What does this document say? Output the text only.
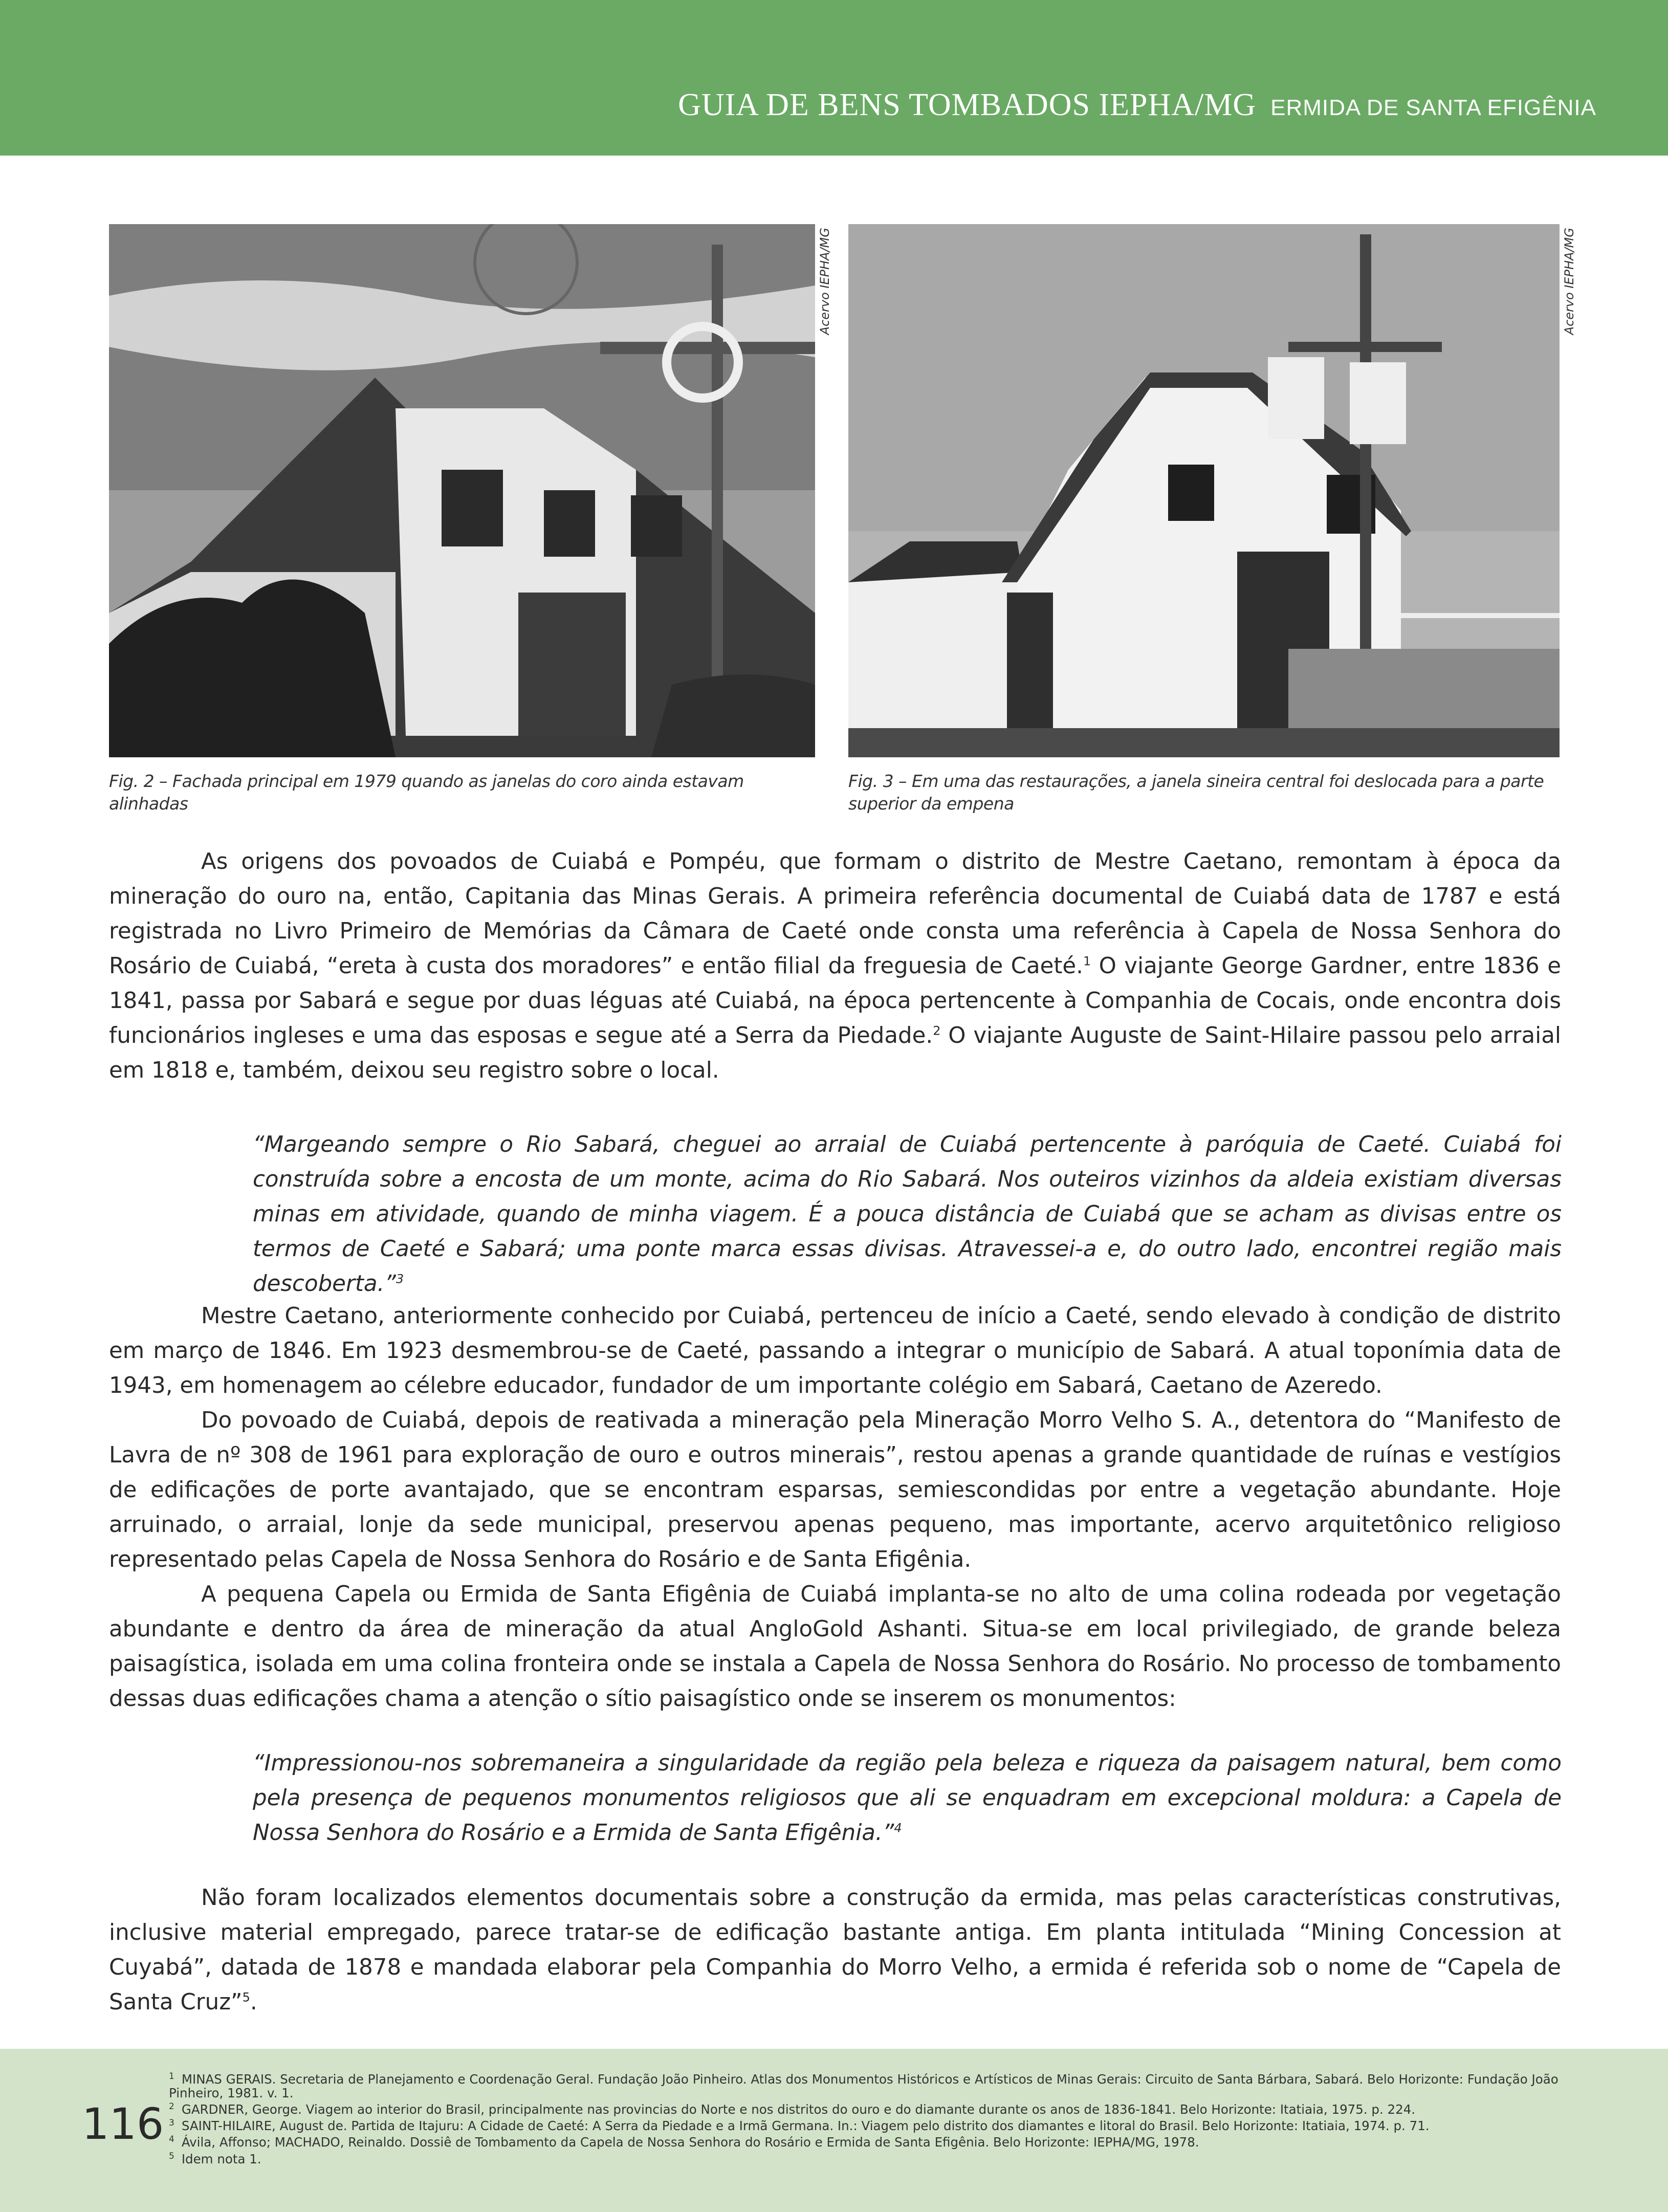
GUIA DE BENS TOMBADOS IEPHA/MG ERMIDA DE SANTA EFIGÊNIA
Acervo IEPHA/MG	Acervo IEPHA/MG
Fig. 2 – Fachada principal em 1979 quando as janelas do coro ainda estavam alinhadas
Fig. 3 – Em uma das restaurações, a janela sineira central foi deslocada para a parte superior da empena

As origens dos povoados de Cuiabá e Pompéu, que formam o distrito de Mestre Caetano, remontam à época da mineração do ouro na, então, Capitania das Minas Gerais. A primeira referência documental de Cuiabá data de 1787 e está registrada no Livro Primeiro de Memórias da Câmara de Caeté onde consta uma referência à Capela de Nossa Senhora do Rosário de Cuiabá, “ereta à custa dos moradores” e então filial da freguesia de Caeté.$^1$ O viajante George Gardner, entre 1836 e 1841, passa por Sabará e segue por duas léguas até Cuiabá, na época pertencente à Companhia de Cocais, onde encontra dois funcionários ingleses e uma das esposas e segue até a Serra da Piedade.$^2$ O viajante Auguste de Saint-Hilaire passou pelo arraial em 1818 e, também, deixou seu registro sobre o local.

“Margeando sempre o Rio Sabará, cheguei ao arraial de Cuiabá pertencente à paróquia de Caeté. Cuiabá foi construída sobre a encosta de um monte, acima do Rio Sabará. Nos outeiros vizinhos da aldeia existiam diversas minas em atividade, quando de minha viagem. É a pouca distância de Cuiabá que se acham as divisas entre os termos de Caeté e Sabará; uma ponte marca essas divisas. Atravessei-a e, do outro lado, encontrei região mais descoberta.”$^3$

Mestre Caetano, anteriormente conhecido por Cuiabá, pertenceu de início a Caeté, sendo elevado à condição de distrito em março de 1846. Em 1923 desmembrou-se de Caeté, passando a integrar o município de Sabará. A atual toponímia data de 1943, em homenagem ao célebre educador, fundador de um importante colégio em Sabará, Caetano de Azeredo.

Do povoado de Cuiabá, depois de reativada a mineração pela Mineração Morro Velho S. A., detentora do “Manifesto de Lavra de nº 308 de 1961 para exploração de ouro e outros minerais”, restou apenas a grande quantidade de ruínas e vestígios de edificações de porte avantajado, que se encontram esparsas, semiescondidas por entre a vegetação abundante. Hoje arruinado, o arraial, lonje da sede municipal, preservou apenas pequeno, mas importante, acervo arquitetônico religioso representado pelas Capela de Nossa Senhora do Rosário e de Santa Efigênia.

A pequena Capela ou Ermida de Santa Efigênia de Cuiabá implanta-se no alto de uma colina rodeada por vegetação abundante e dentro da área de mineração da atual AngloGold Ashanti. Situa-se em local privilegiado, de grande beleza paisagística, isolada em uma colina fronteira onde se instala a Capela de Nossa Senhora do Rosário. No processo de tombamento dessas duas edificações chama a atenção o sítio paisagístico onde se inserem os monumentos:

“Impressionou-nos sobremaneira a singularidade da região pela beleza e riqueza da paisagem natural, bem como pela presença de pequenos monumentos religiosos que ali se enquadram em excepcional moldura: a Capela de Nossa Senhora do Rosário e a Ermida de Santa Efigênia.”$^4$

Não foram localizados elementos documentais sobre a construção da ermida, mas pelas características construtivas, inclusive material empregado, parece tratar-se de edificação bastante antiga. Em planta intitulada “Mining Concession at Cuyabá”, datada de 1878 e mandada elaborar pela Companhia do Morro Velho, a ermida é referida sob o nome de “Capela de Santa Cruz”$^5$.

116
$^1$ MINAS GERAIS. Secretaria de Planejamento e Coordenação Geral. Fundação João Pinheiro. Atlas dos Monumentos Históricos e Artísticos de Minas Gerais: Circuito de Santa Bárbara, Sabará. Belo Horizonte: Fundação João Pinheiro, 1981. v. 1.
$^2$ GARDNER, George. Viagem ao interior do Brasil, principalmente nas provincias do Norte e nos distritos do ouro e do diamante durante os anos de 1836-1841. Belo Horizonte: Itatiaia, 1975. p. 224.
$^3$ SAINT-HILAIRE, August de. Partida de Itajuru: A Cidade de Caeté: A Serra da Piedade e a Irmã Germana. In.: Viagem pelo distrito dos diamantes e litoral do Brasil. Belo Horizonte: Itatiaia, 1974. p. 71.
$^4$ Ávila, Affonso; MACHADO, Reinaldo. Dossiê de Tombamento da Capela de Nossa Senhora do Rosário e Ermida de Santa Efigênia. Belo Horizonte: IEPHA/MG, 1978.
$^5$ Idem nota 1.
